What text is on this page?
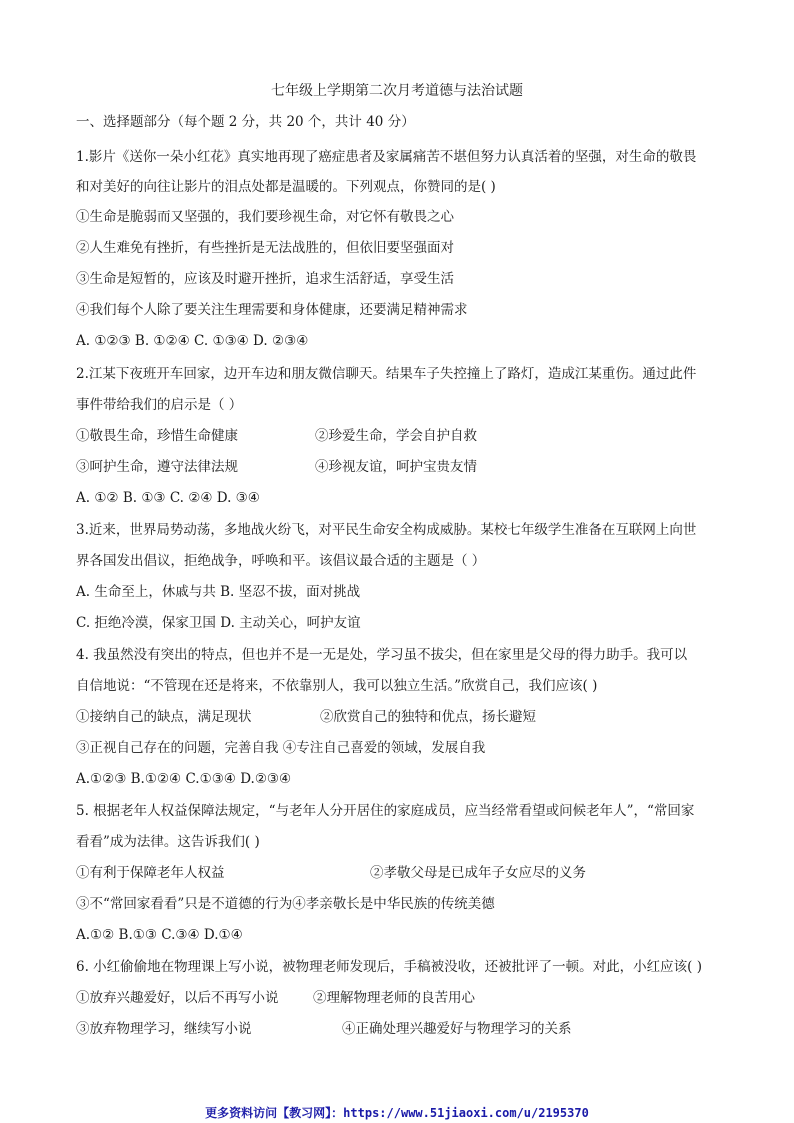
七年级上学期第二次月考道德与法治试题
一、选择题部分（每个题 2 分，共 20 个，共计 40 分）
1.影片《送你一朵小红花》真实地再现了癌症患者及家属痛苦不堪但努力认真活着的坚强，对生命的敬畏
和对美好的向往让影片的泪点处都是温暖的。下列观点，你赞同的是( )
①生命是脆弱而又坚强的，我们要珍视生命，对它怀有敬畏之心
②人生难免有挫折，有些挫折是无法战胜的，但依旧要坚强面对
③生命是短暂的，应该及时避开挫折，追求生活舒适，享受生活
④我们每个人除了要关注生理需要和身体健康，还要满足精神需求
A. ①②③ B. ①②④ C. ①③④ D. ②③④
2.江某下夜班开车回家，边开车边和朋友微信聊天。结果车子失控撞上了路灯，造成江某重伤。通过此件
事件带给我们的启示是（ ）
①敬畏生命，珍惜生命健康	②珍爱生命，学会自护自救
③呵护生命，遵守法律法规	④珍视友谊，呵护宝贵友情
A. ①② B. ①③ C. ②④ D. ③④
3.近来，世界局势动荡，多地战火纷飞，对平民生命安全构成威胁。某校七年级学生准备在互联网上向世
界各国发出倡议，拒绝战争，呼唤和平。该倡议最合适的主题是（ ）
A. 生命至上，休戚与共 B. 坚忍不拔，面对挑战
C. 拒绝冷漠，保家卫国 D. 主动关心，呵护友谊
4. 我虽然没有突出的特点，但也并不是一无是处，学习虽不拔尖，但在家里是父母的得力助手。我可以
自信地说：“不管现在还是将来，不依靠别人，我可以独立生活。”欣赏自己，我们应该( )
①接纳自己的缺点，满足现状	②欣赏自己的独特和优点，扬长避短
③正视自己存在的问题，完善自我 ④专注自己喜爱的领域，发展自我
A.①②③ B.①②④ C.①③④ D.②③④
5. 根据老年人权益保障法规定，“与老年人分开居住的家庭成员，应当经常看望或问候老年人”，“常回家
看看”成为法律。这告诉我们( )
①有利于保障老年人权益	②孝敬父母是已成年子女应尽的义务
③不“常回家看看”只是不道德的行为④孝亲敬长是中华民族的传统美德
A.①② B.①③ C.③④ D.①④
6. 小红偷偷地在物理课上写小说，被物理老师发现后，手稿被没收，还被批评了一顿。对此，小红应该( )
①放弃兴趣爱好，以后不再写小说	②理解物理老师的良苦用心
③放弃物理学习，继续写小说	④正确处理兴趣爱好与物理学习的关系
更多资料访问【教习网】：https://www.51jiaoxi.com/u/2195370
